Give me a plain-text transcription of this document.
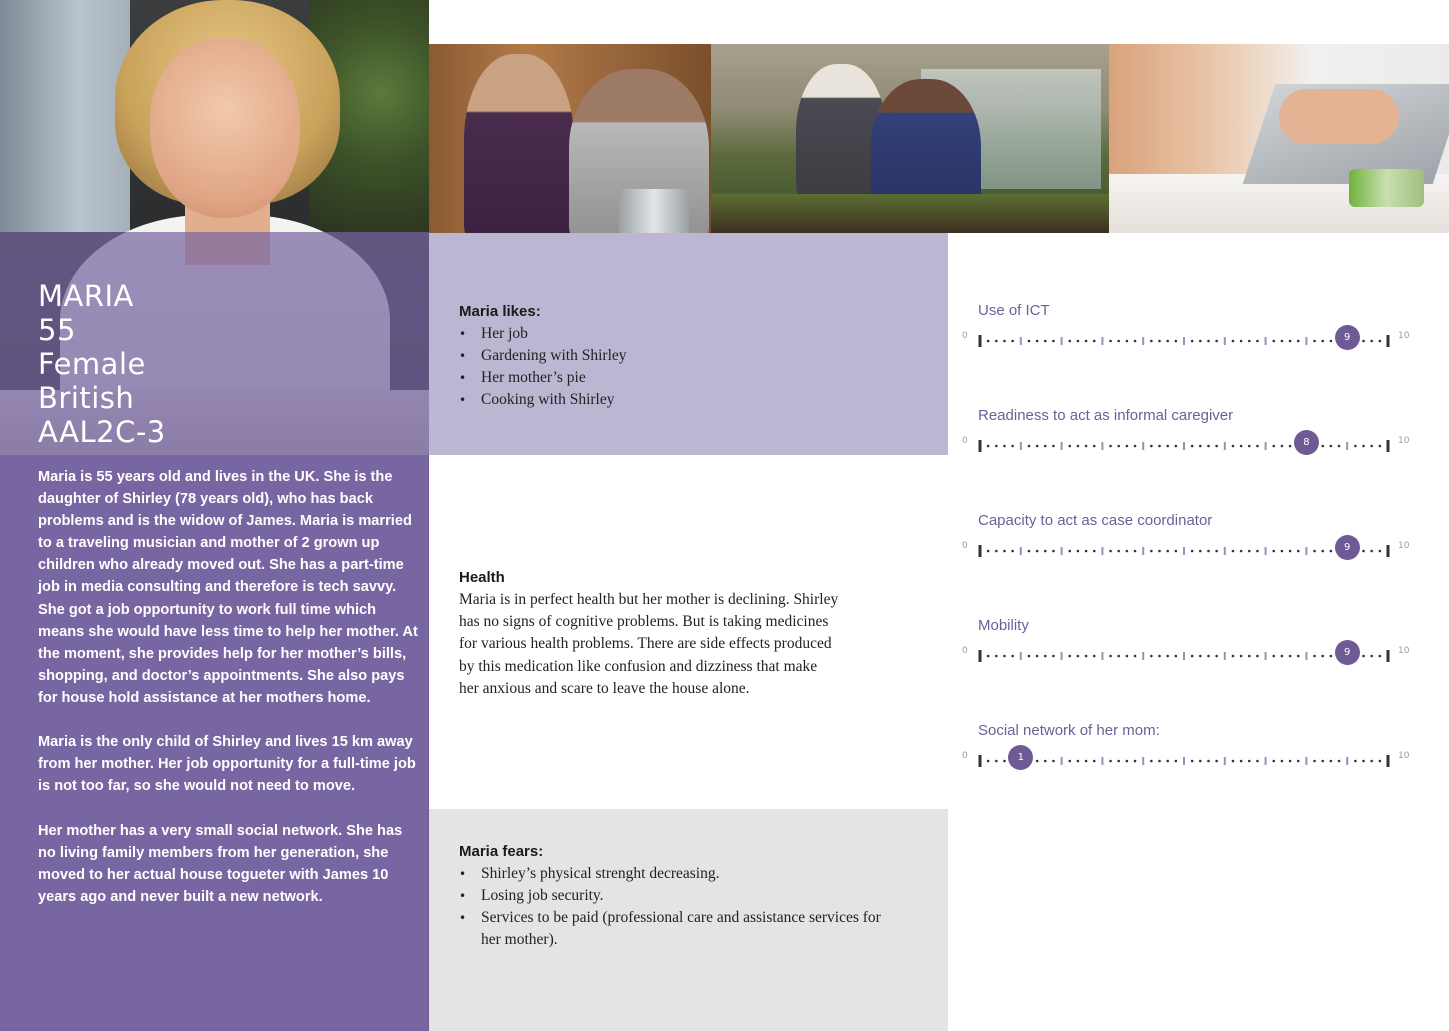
MARIA
55
Female
British
AAL2C-3

Maria is 55 years old and lives in the UK. She is the daughter of Shirley (78 years old), who has back problems and is the widow of James. Maria is married to a traveling musician and mother of 2 grown up children who already moved out. She has a part-time job in media consulting and therefore is tech savvy. She got a job opportunity to work full time which means she would have less time to help her mother. At the moment, she provides help for her mother’s bills, shopping, and doctor’s appointments. She also pays for house hold assistance at her mothers home.

Maria is the only child of Shirley and lives 15 km away from her mother. Her job opportunity for a full-time job is not too far, so she would not need to move.

Her mother has a very small social network. She has no living family members from her generation, she moved to her actual house togueter with James 10 years ago and never built a new network.

Maria likes:
• Her job
• Gardening with Shirley
• Her mother’s pie
• Cooking with Shirley
Health
Maria is in perfect health but her mother is declining. Shirley has no signs of cognitive problems. But is taking medicines for various health problems. There are side effects produced by this medication like confusion and dizziness that make her anxious and scare to leave the house alone.
Maria fears:
• Shirley’s physical strenght decreasing.
• Losing job security.
• Services to be paid (professional care and assistance services for her mother).
Use of ICT
0	10
9
Readiness to act as informal caregiver
0	10
8
Capacity to act as case coordinator
0	10
9
Mobility
0	10
9
Social network of her mom:
0	10
1
